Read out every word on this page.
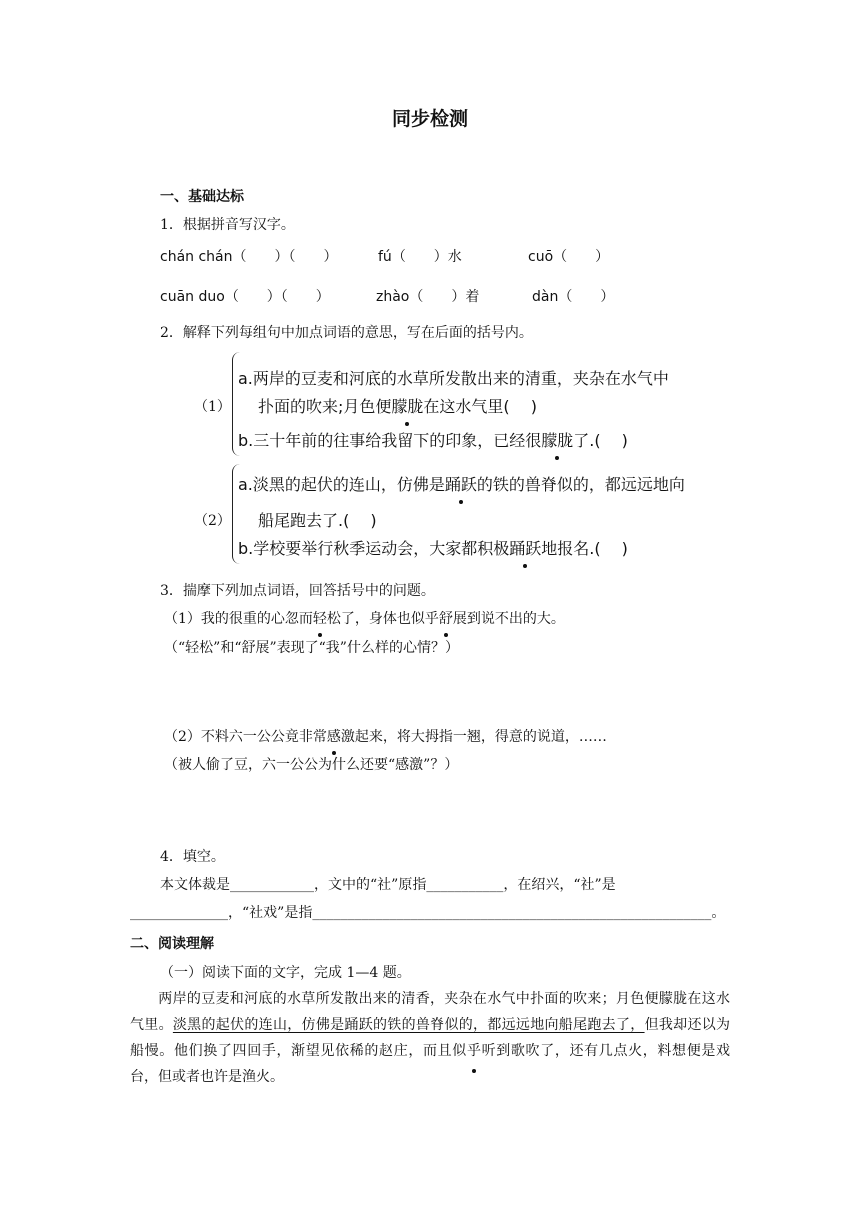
同步检测
一、基础达标
1．根据拼音写汉字。
chán chán（　　）（　　）	fú（　　）水	cuō（　　）
cuān duo（　　）（　　）	zhào（　　）着	dàn（　　）
2．解释下列每组句中加点词语的意思，写在后面的括号内。
（1）
a.两岸的豆麦和河底的水草所发散出来的清重，夹杂在水气中
扑面的吹来;月色便朦胧在这水气里(　 )
b.三十年前的往事给我留下的印象，已经很朦胧了.(　 )
（2）
a.淡黑的起伏的连山，仿佛是踊跃的铁的兽脊似的，都远远地向
船尾跑去了.(　 )
b.学校要举行秋季运动会，大家都积极踊跃地报名.(　 )
3．揣摩下列加点词语，回答括号中的问题。
（1）我的很重的心忽而轻松了，身体也似乎舒展到说不出的大。
（“轻松”和“舒展”表现了“我”什么样的心情？）
（2）不料六一公公竟非常感激起来，将大拇指一翘，得意的说道，……
（被人偷了豆，六一公公为什么还要“感激”？）
4．填空。
本文体裁是____________，文中的“社”原指___________，在绍兴，“社”是
______________，“社戏”是指_________________________________________________________。
二、阅读理解
（一）阅读下面的文字，完成 1—4 题。
两岸的豆麦和河底的水草所发散出来的清香，夹杂在水气中扑面的吹来；月色便朦胧在这水气里。淡黑的起伏的连山，仿佛是踊跃的铁的兽脊似的，都远远地向船尾跑去了，但我却还以为船慢。他们换了四回手，渐望见依稀的赵庄，而且似乎听到歌吹了，还有几点火，料想便是戏台，但或者也许是渔火。
